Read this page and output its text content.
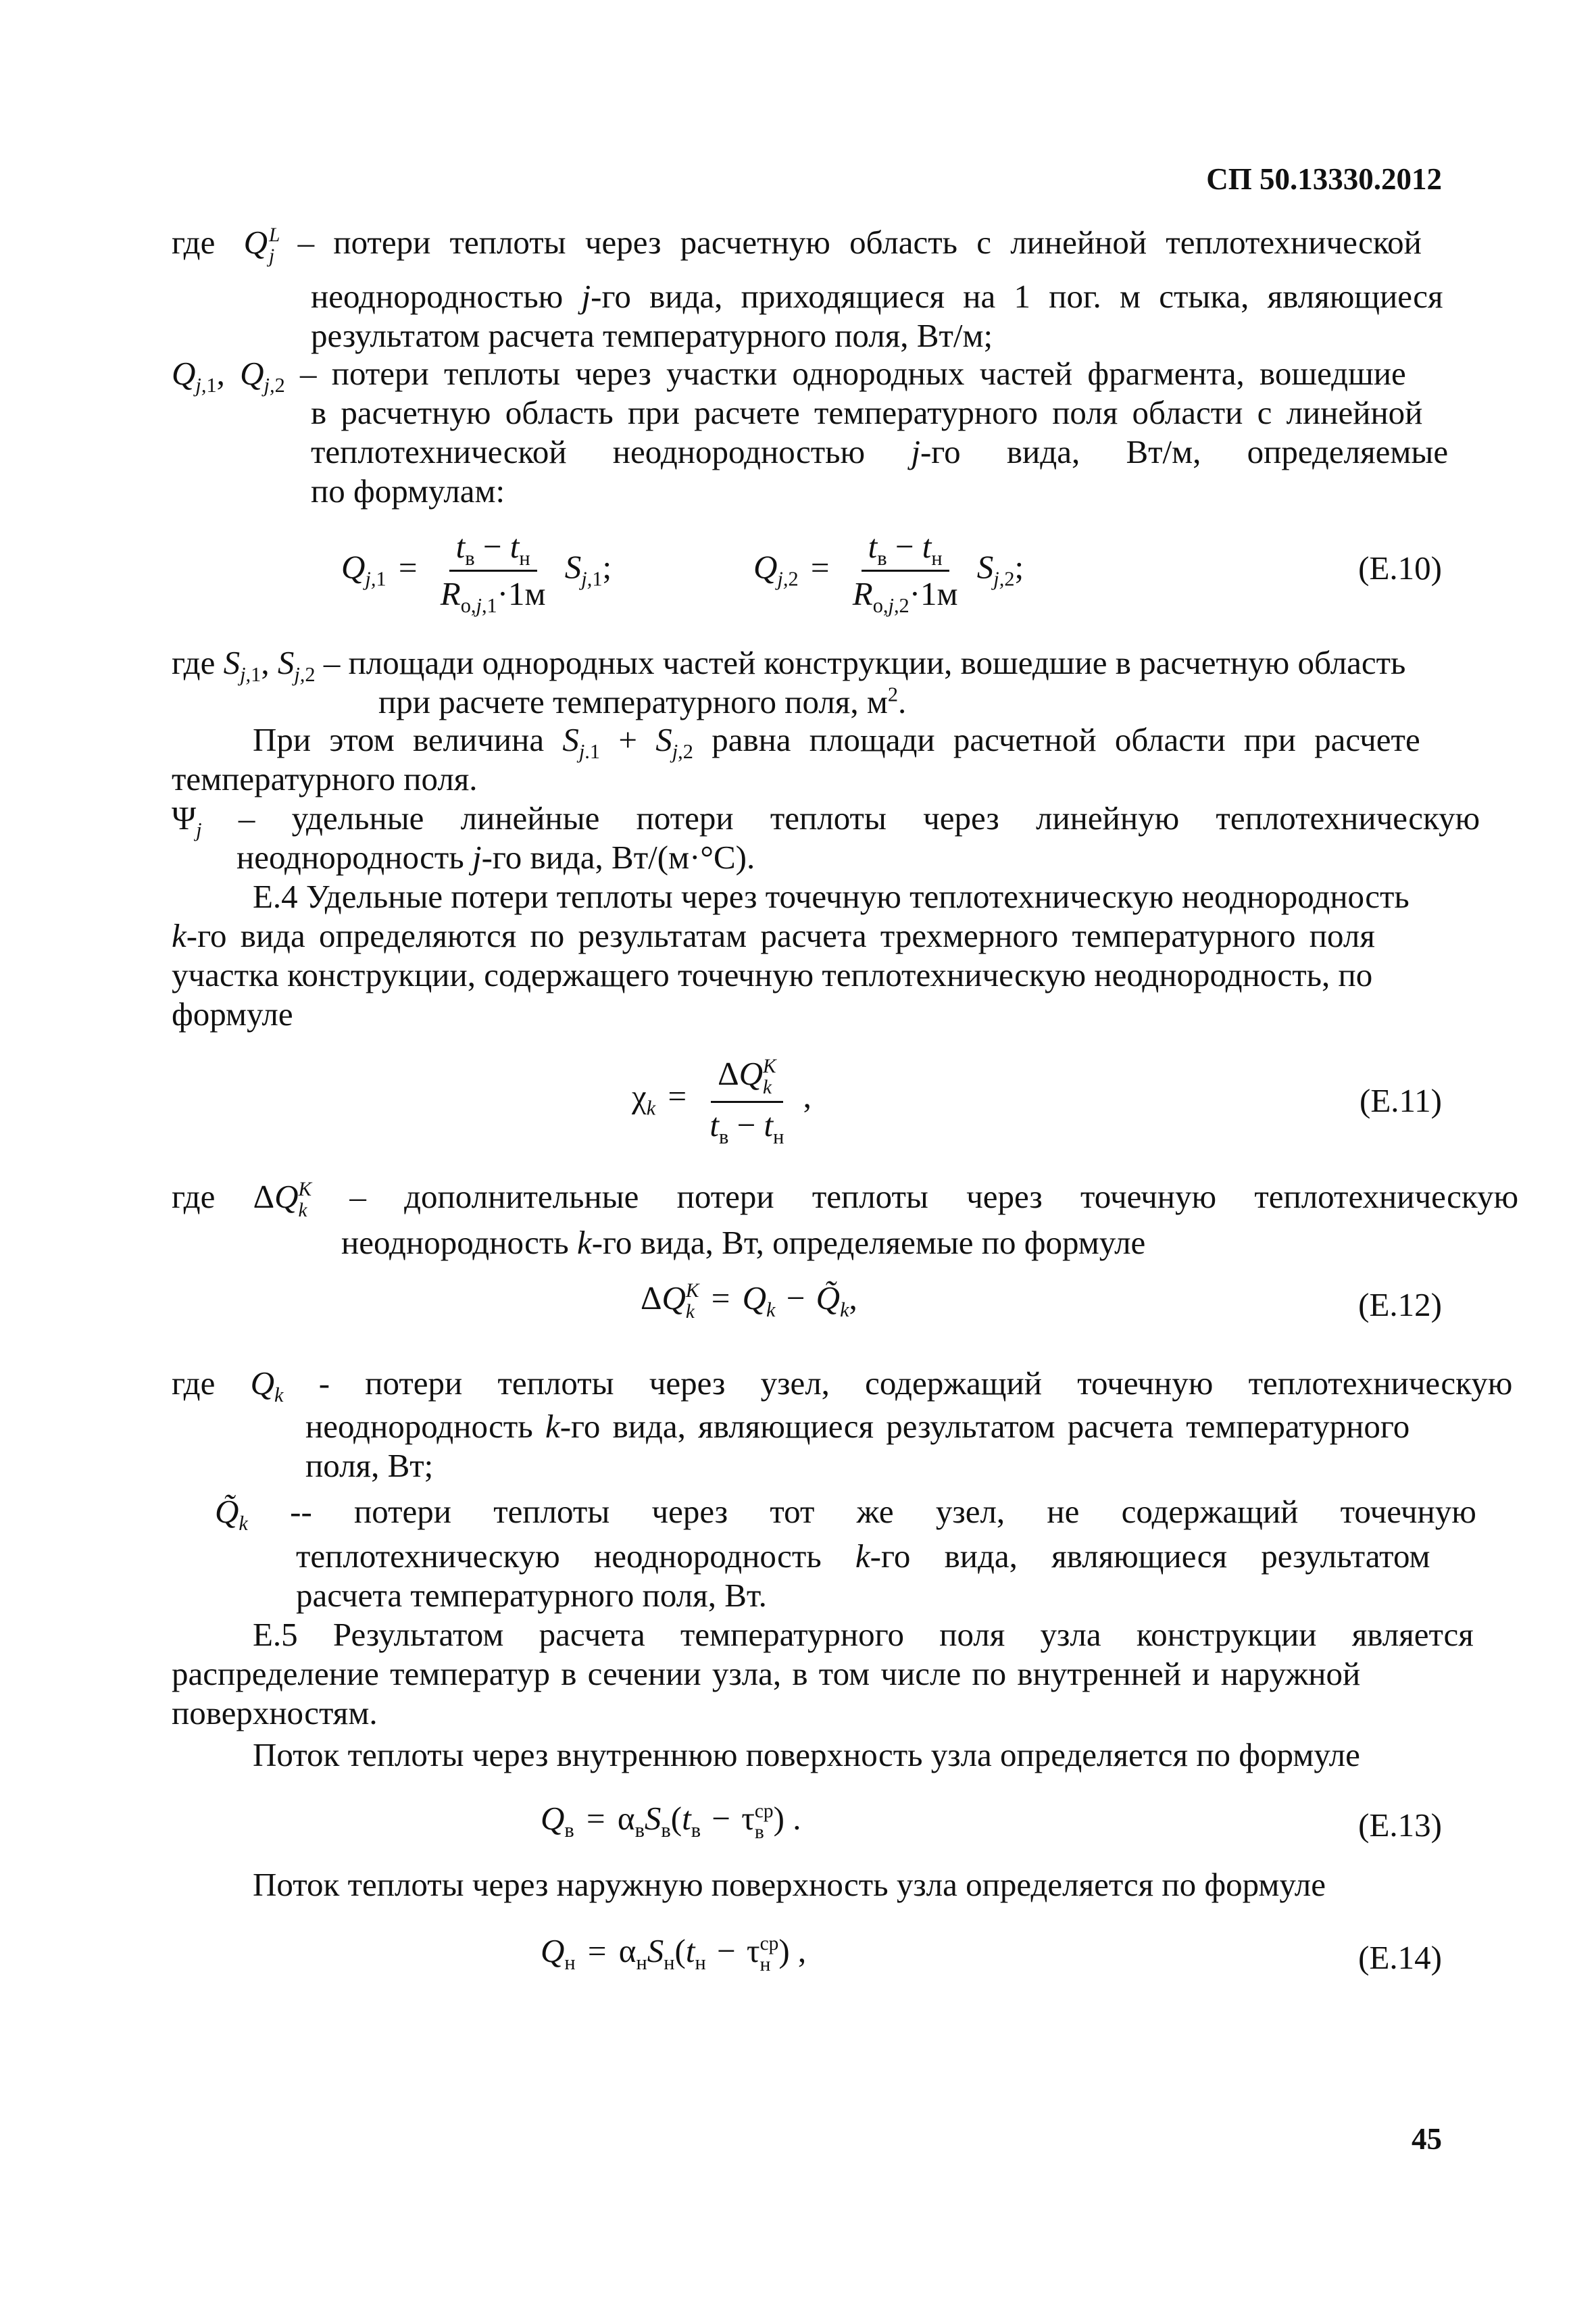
СП 50.13330.2012
где Q L
j – потери теплоты через расчетную область с линейной теплотехнической
неоднородностью j-го вида, приходящиеся на 1 пог. м стыка, являющиеся
результатом расчета температурного поля, Вт/м;
$Q_{j,1}$, $Q_{j,2}$ – потери теплоты через участки однородных частей фрагмента, вошедшие
в расчетную область при расчете температурного поля области с линейной
теплотехнической неоднородностью j-го вида, Вт/м, определяемые
по формулам:
$Q_{j,1} = \frac{t_в - t_н}{R_{о,j,1}\cdot 1м} S_{j,1}$;	$Q_{j,2} = \frac{t_в - t_н}{R_{о,j,2}\cdot 1м} S_{j,2}$;	(Е.10)
где $S_{j,1}$, $S_{j,2}$ – площади однородных частей конструкции, вошедшие в расчетную область
при расчете температурного поля, $м^2$.
При этом величина $S_{j.1} + S_{j,2}$ равна площади расчетной области при расчете
температурного поля.
$\Psi_j$ – удельные линейные потери теплоты через линейную теплотехническую
неоднородность j-го вида, Вт/(м·°С).
Е.4 Удельные потери теплоты через точечную теплотехническую неоднородность
k-го вида определяются по результатам расчета трехмерного температурного поля
участка конструкции, содержащего точечную теплотехническую неоднородность, по
формуле
$\chi_k = \Delta Q$ K
k
$t_в - t_н$ ,	(Е.11)
где ΔQ K
k – дополнительные потери теплоты через точечную теплотехническую
неоднородность k-го вида, Вт, определяемые по формуле
ΔQ K
$k = Q_k$ − $Q̃_k$,	(Е.12)
где $Q_k$ - потери теплоты через узел, содержащий точечную теплотехническую
неоднородность k-го вида, являющиеся результатом расчета температурного
поля, Вт;
$Q̃_k$ -- потери теплоты через тот же узел, не содержащий точечную
теплотехническую неоднородность k-го вида, являющиеся результатом
расчета температурного поля, Вт.
Е.5 Результатом расчета температурного поля узла конструкции является
распределение температур в сечении узла, в том числе по внутренней и наружной
поверхностям.
Поток теплоты через внутреннюю поверхность узла определяется по формуле
$Q_в = \alpha_вS_в(t_в - \tau$ ср
в ) .	(Е.13)
Поток теплоты через наружную поверхность узла определяется по формуле
$Q_н = \alpha_нS_н(t_н - \tau$ ср
н ) ,	(Е.14)
45
